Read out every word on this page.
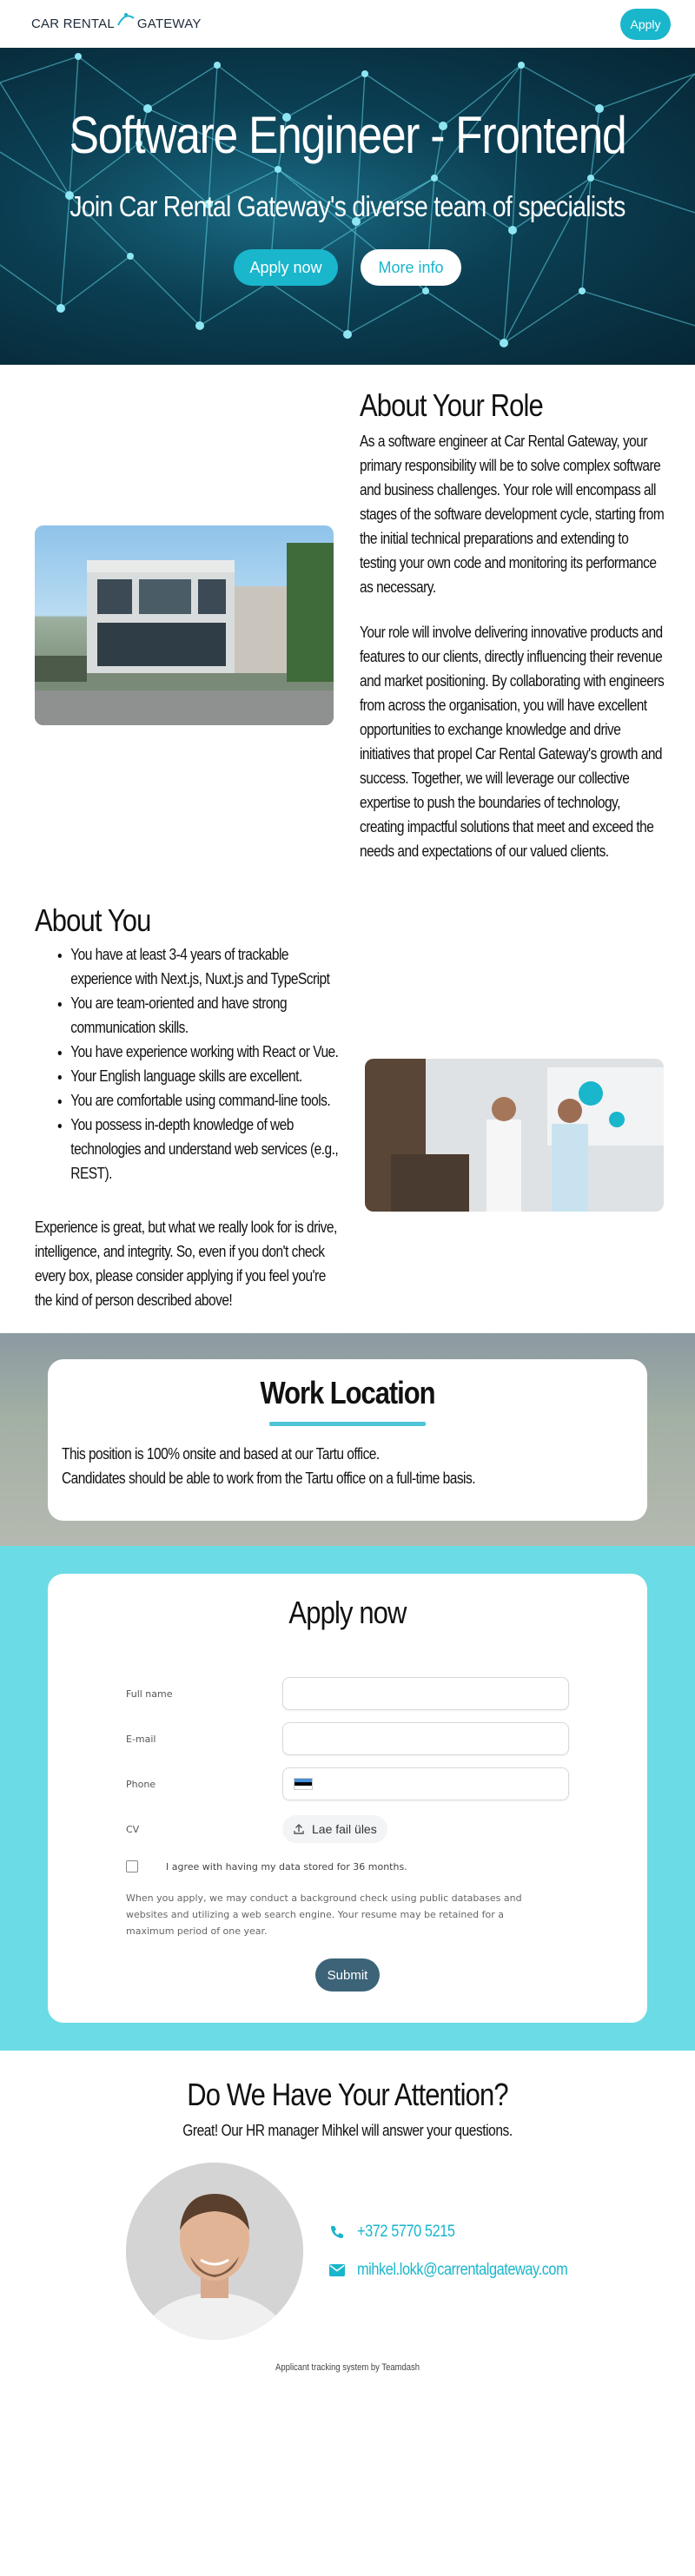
CAR RENTAL GATEWAY	Apply
Software Engineer - Frontend
Join Car Rental Gateway's diverse team of specialists
Apply now	More info
About Your Role

As a software engineer at Car Rental Gateway, your primary responsibility will be to solve complex software and business challenges. Your role will encompass all stages of the software development cycle, starting from the initial technical preparations and extending to testing your own code and monitoring its performance as necessary.

Your role will involve delivering innovative products and features to our clients, directly influencing their revenue and market positioning. By collaborating with engineers from across the organisation, you will have excellent opportunities to exchange knowledge and drive initiatives that propel Car Rental Gateway's growth and success. Together, we will leverage our collective expertise to push the boundaries of technology, creating impactful solutions that meet and exceed the needs and expectations of our valued clients.

About You
• You have at least 3-4 years of trackable experience with Next.js, Nuxt.js and TypeScript
• You are team-oriented and have strong communication skills.
• You have experience working with React or Vue.
• Your English language skills are excellent.
• You are comfortable using command-line tools.
• You possess in-depth knowledge of web technologies and understand web services (e.g., REST).

Experience is great, but what we really look for is drive, intelligence, and integrity. So, even if you don't check every box, please consider applying if you feel you're the kind of person described above!

Work Location

This position is 100% onsite and based at our Tartu office.

Candidates should be able to work from the Tartu office on a full-time basis.

Apply now
Full name
E-mail
Phone
CV	Lae fail üles
I agree with having my data stored for 36 months.

When you apply, we may conduct a background check using public databases and websites and utilizing a web search engine. Your resume may be retained for a maximum period of one year.

Submit
Do We Have Your Attention?

Great! Our HR manager Mihkel will answer your questions.

+372 5770 5215
mihkel.lokk@carrentalgateway.com
Applicant tracking system by Teamdash
